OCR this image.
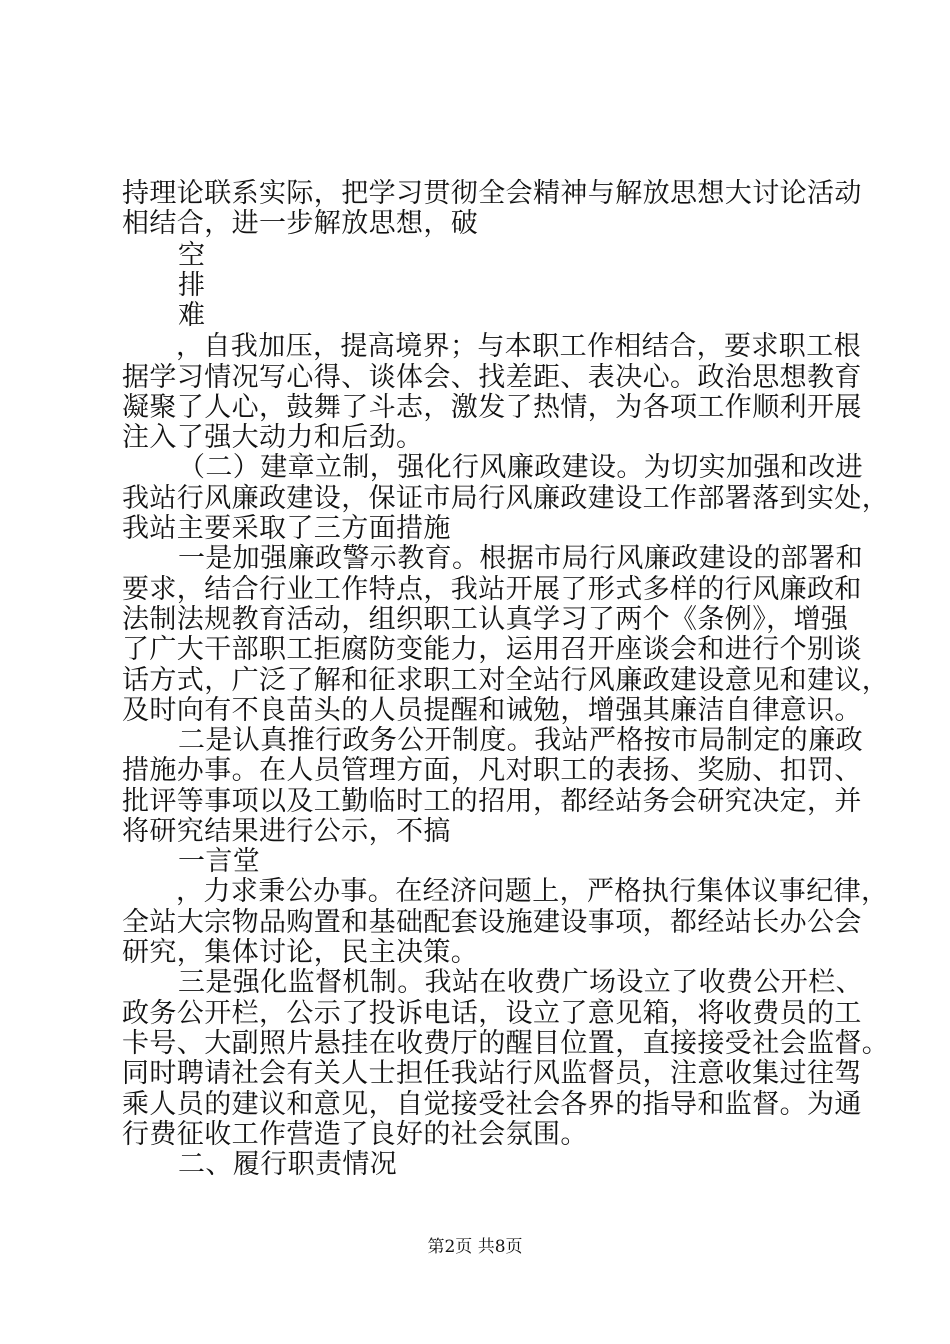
持理论联系实际，把学习贯彻全会精神与解放思想大讨论活动
相结合，进一步解放思想，破
空
排
难
，自我加压，提高境界；与本职工作相结合，要求职工根
据学习情况写心得、谈体会、找差距、表决心。政治思想教育
凝聚了人心，鼓舞了斗志，激发了热情，为各项工作顺利开展
注入了强大动力和后劲。
（二）建章立制，强化行风廉政建设。为切实加强和改进
我站行风廉政建设，保证市局行风廉政建设工作部署落到实处，
我站主要采取了三方面措施
一是加强廉政警示教育。根据市局行风廉政建设的部署和
要求，结合行业工作特点，我站开展了形式多样的行风廉政和
法制法规教育活动，组织职工认真学习了两个《条例》，增强
了广大干部职工拒腐防变能力，运用召开座谈会和进行个别谈
话方式，广泛了解和征求职工对全站行风廉政建设意见和建议，
及时向有不良苗头的人员提醒和诫勉，增强其廉洁自律意识。
二是认真推行政务公开制度。我站严格按市局制定的廉政
措施办事。在人员管理方面，凡对职工的表扬、奖励、扣罚、
批评等事项以及工勤临时工的招用，都经站务会研究决定，并
将研究结果进行公示，不搞
一言堂
，力求秉公办事。在经济问题上，严格执行集体议事纪律，
全站大宗物品购置和基础配套设施建设事项，都经站长办公会
研究，集体讨论，民主决策。
三是强化监督机制。我站在收费广场设立了收费公开栏、
政务公开栏，公示了投诉电话，设立了意见箱，将收费员的工
卡号、大副照片悬挂在收费厅的醒目位置，直接接受社会监督。
同时聘请社会有关人士担任我站行风监督员，注意收集过往驾
乘人员的建议和意见，自觉接受社会各界的指导和监督。为通
行费征收工作营造了良好的社会氛围。
二、履行职责情况
第2页 共8页
